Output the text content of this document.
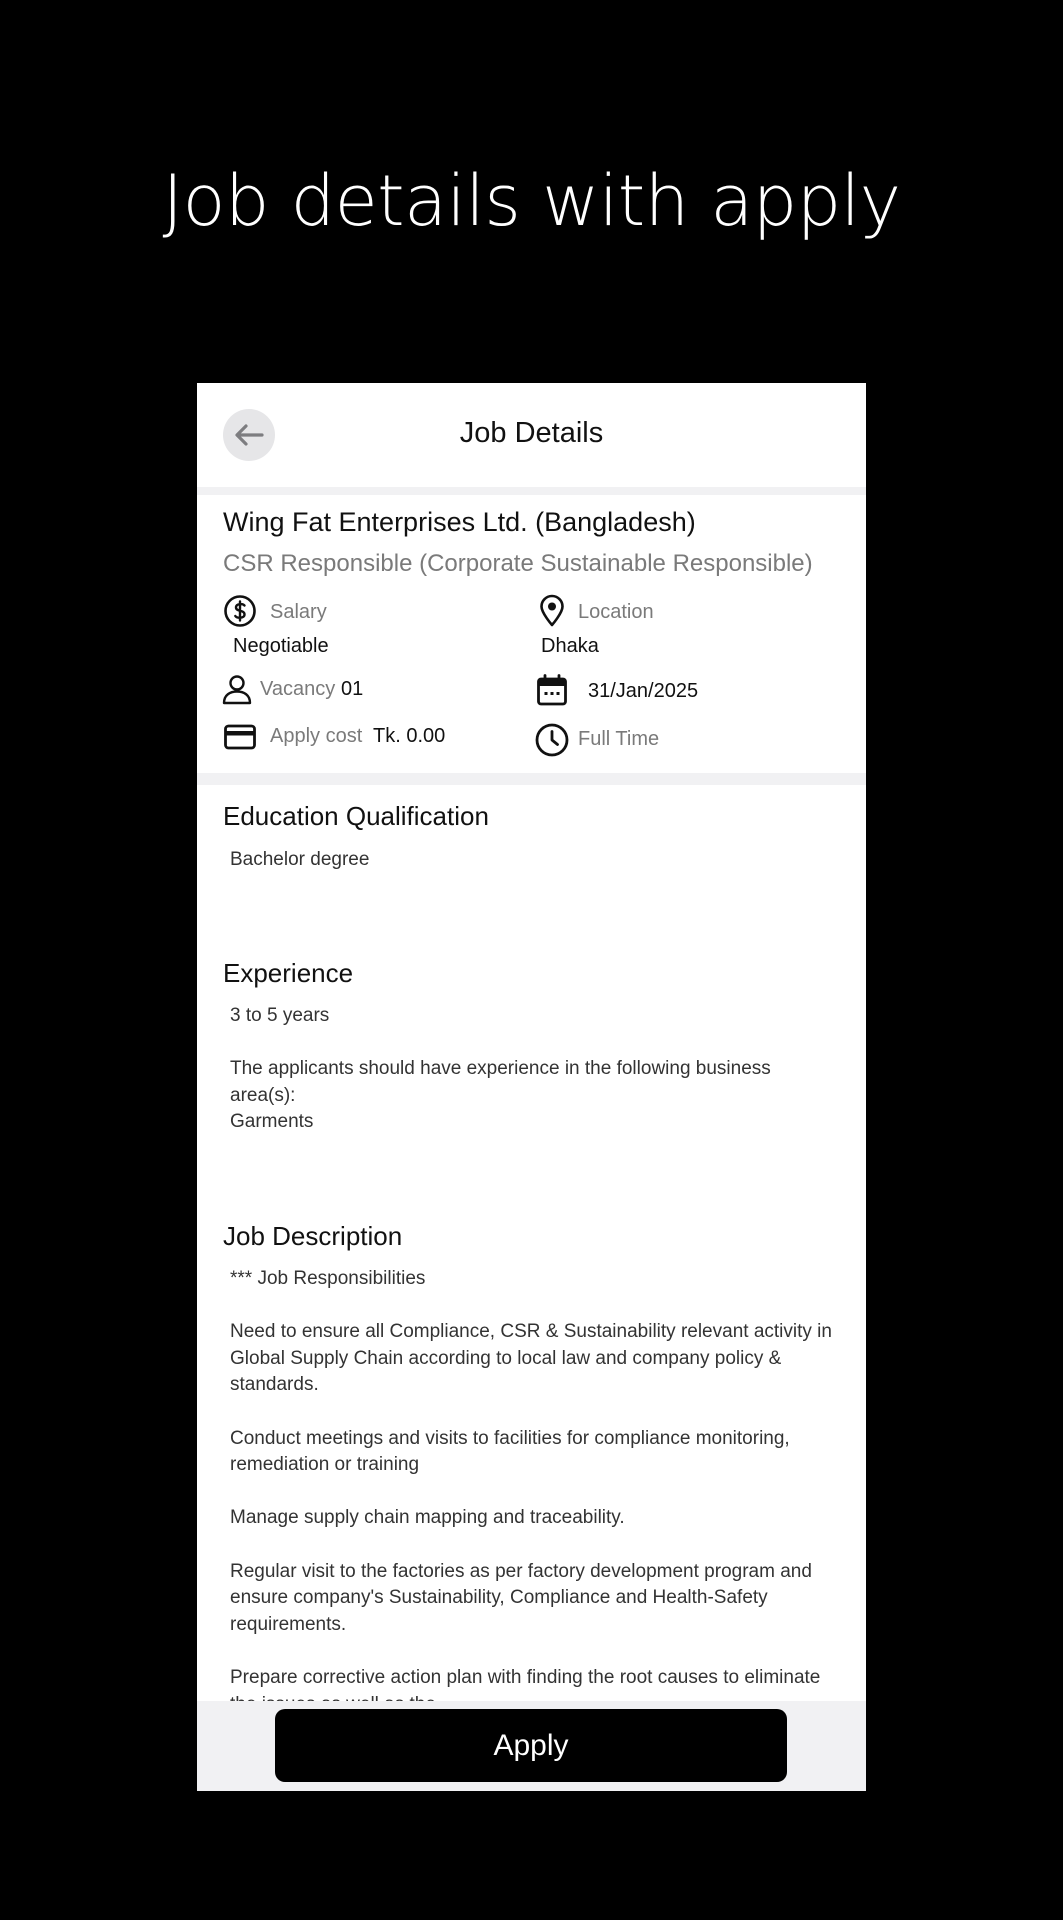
Job details with apply
Job Details
Wing Fat Enterprises Ltd. (Bangladesh)
CSR Responsible (Corporate Sustainable Responsible)
Salary
Negotiable
Location
Dhaka
Vacancy 01	31/Jan/2025
Apply cost Tk. 0.00	Full Time
Education Qualification
Bachelor degree
Experience
3 to 5 years

The applicants should have experience in the following business area(s):
Garments
Job Description
*** Job Responsibilities

Need to ensure all Compliance, CSR & Sustainability relevant activity in Global Supply Chain according to local law and company policy & standards.

Conduct meetings and visits to facilities for compliance monitoring, remediation or training

Manage supply chain mapping and traceability.

Regular visit to the factories as per factory development program and ensure company's Sustainability, Compliance and Health-Safety requirements.

Prepare corrective action plan with finding the root causes to eliminate
Apply
